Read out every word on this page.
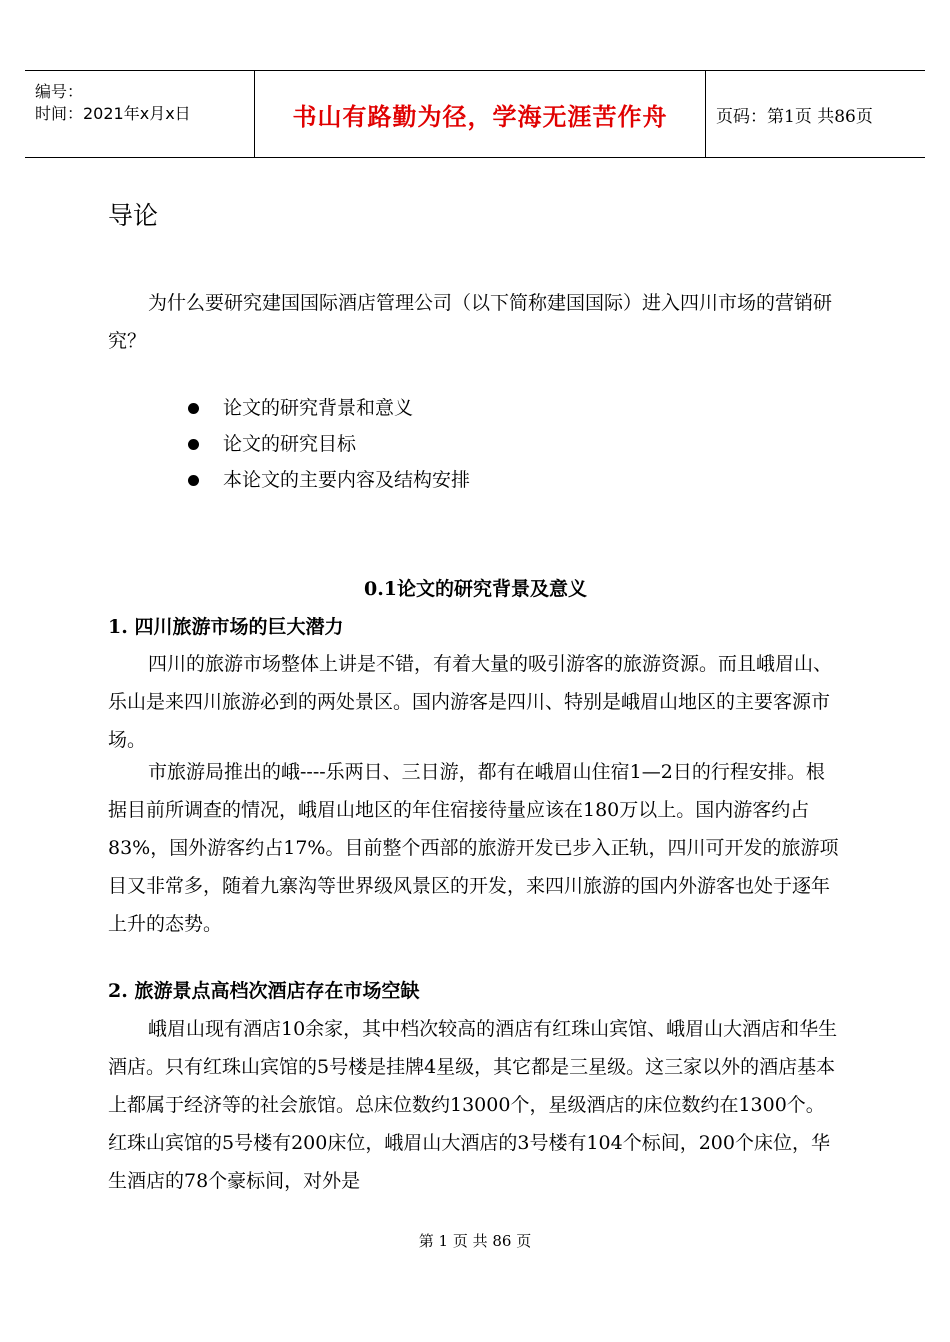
编号：
时间：2021年x月x日	书山有路勤为径，学海无涯苦作舟	页码：第1页 共86页
导论

为什么要研究建国国际酒店管理公司（以下简称建国国际）进入四川市场的营销研究？

论文的研究背景和意义
论文的研究目标
本论文的主要内容及结构安排
0.1论文的研究背景及意义
1. 四川旅游市场的巨大潜力

四川的旅游市场整体上讲是不错，有着大量的吸引游客的旅游资源。而且峨眉山、乐山是来四川旅游必到的两处景区。国内游客是四川、特别是峨眉山地区的主要客源市场。

市旅游局推出的峨----乐两日、三日游，都有在峨眉山住宿1—2日的行程安排。根据目前所调查的情况，峨眉山地区的年住宿接待量应该在180万以上。国内游客约占83%，国外游客约占17%。目前整个西部的旅游开发已步入正轨，四川可开发的旅游项目又非常多，随着九寨沟等世界级风景区的开发，来四川旅游的国内外游客也处于逐年上升的态势。

2. 旅游景点高档次酒店存在市场空缺

峨眉山现有酒店10余家，其中档次较高的酒店有红珠山宾馆、峨眉山大酒店和华生酒店。只有红珠山宾馆的5号楼是挂牌4星级，其它都是三星级。这三家以外的酒店基本上都属于经济等的社会旅馆。总床位数约13000个，星级酒店的床位数约在1300个。红珠山宾馆的5号楼有200床位，峨眉山大酒店的3号楼有104个标间，200个床位，华生酒店的78个豪标间，对外是

第 1 页 共 86 页
